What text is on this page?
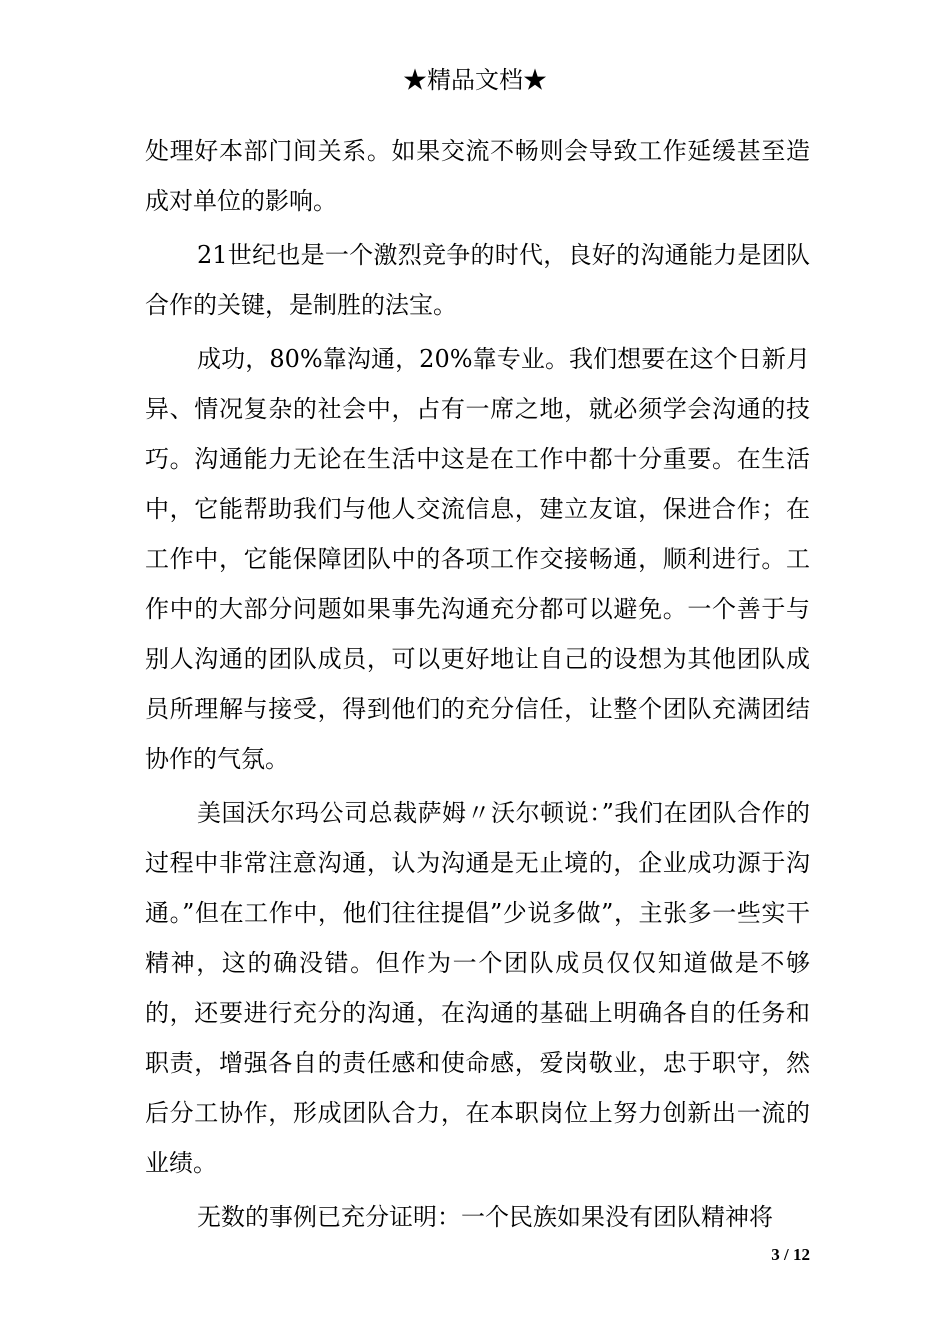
★精品文档★

处理好本部门间关系。如果交流不畅则会导致工作延缓甚至造成对单位的影响。

21世纪也是一个激烈竞争的时代，良好的沟通能力是团队合作的关键，是制胜的法宝。

成功，80%靠沟通，20%靠专业。我们想要在这个日新月异、情况复杂的社会中，占有一席之地，就必须学会沟通的技巧。沟通能力无论在生活中这是在工作中都十分重要。在生活中，它能帮助我们与他人交流信息，建立友谊，保进合作；在工作中，它能保障团队中的各项工作交接畅通，顺利进行。工作中的大部分问题如果事先沟通充分都可以避免。一个善于与别人沟通的团队成员，可以更好地让自己的设想为其他团队成员所理解与接受，得到他们的充分信任，让整个团队充满团结协作的气氛。

美国沃尔玛公司总裁萨姆〃沃尔顿说：”我们在团队合作的过程中非常注意沟通，认为沟通是无止境的，企业成功源于沟通。”但在工作中，他们往往提倡”少说多做”，主张多一些实干精神，这的确没错。但作为一个团队成员仅仅知道做是不够的，还要进行充分的沟通，在沟通的基础上明确各自的任务和职责，增强各自的责任感和使命感，爱岗敬业，忠于职守，然后分工协作，形成团队合力，在本职岗位上努力创新出一流的业绩。

无数的事例已充分证明：一个民族如果没有团队精神将

3 / 12
